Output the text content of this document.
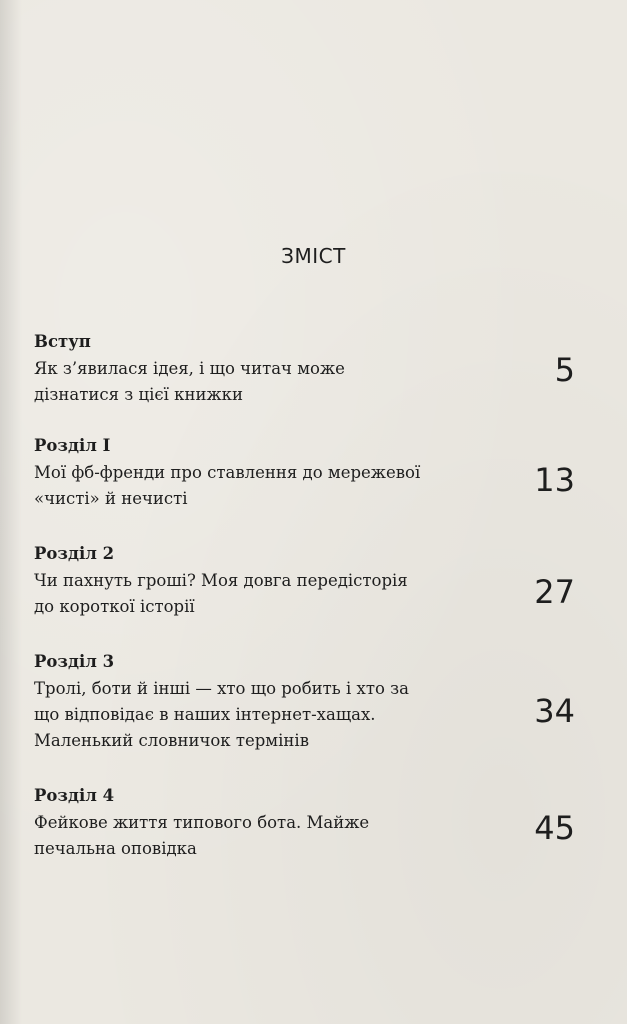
ЗМІСТ
Вступ
Як з’явилася ідея, і що читач може
дізнатися з цієї книжки
5
Розділ І
Мої фб-френди про ставлення до мережевої
«чисті» й нечисті	13
Розділ 2
Чи пахнуть гроші? Моя довга передісторія
до короткої історії	27
Розділ 3
Тролі, боти й інші — хто що робить і хто за
що відповідає в наших інтернет-хащах.
Маленький словничок термінів
34
Розділ 4
Фейкове життя типового бота. Майже
печальна оповідка
45
